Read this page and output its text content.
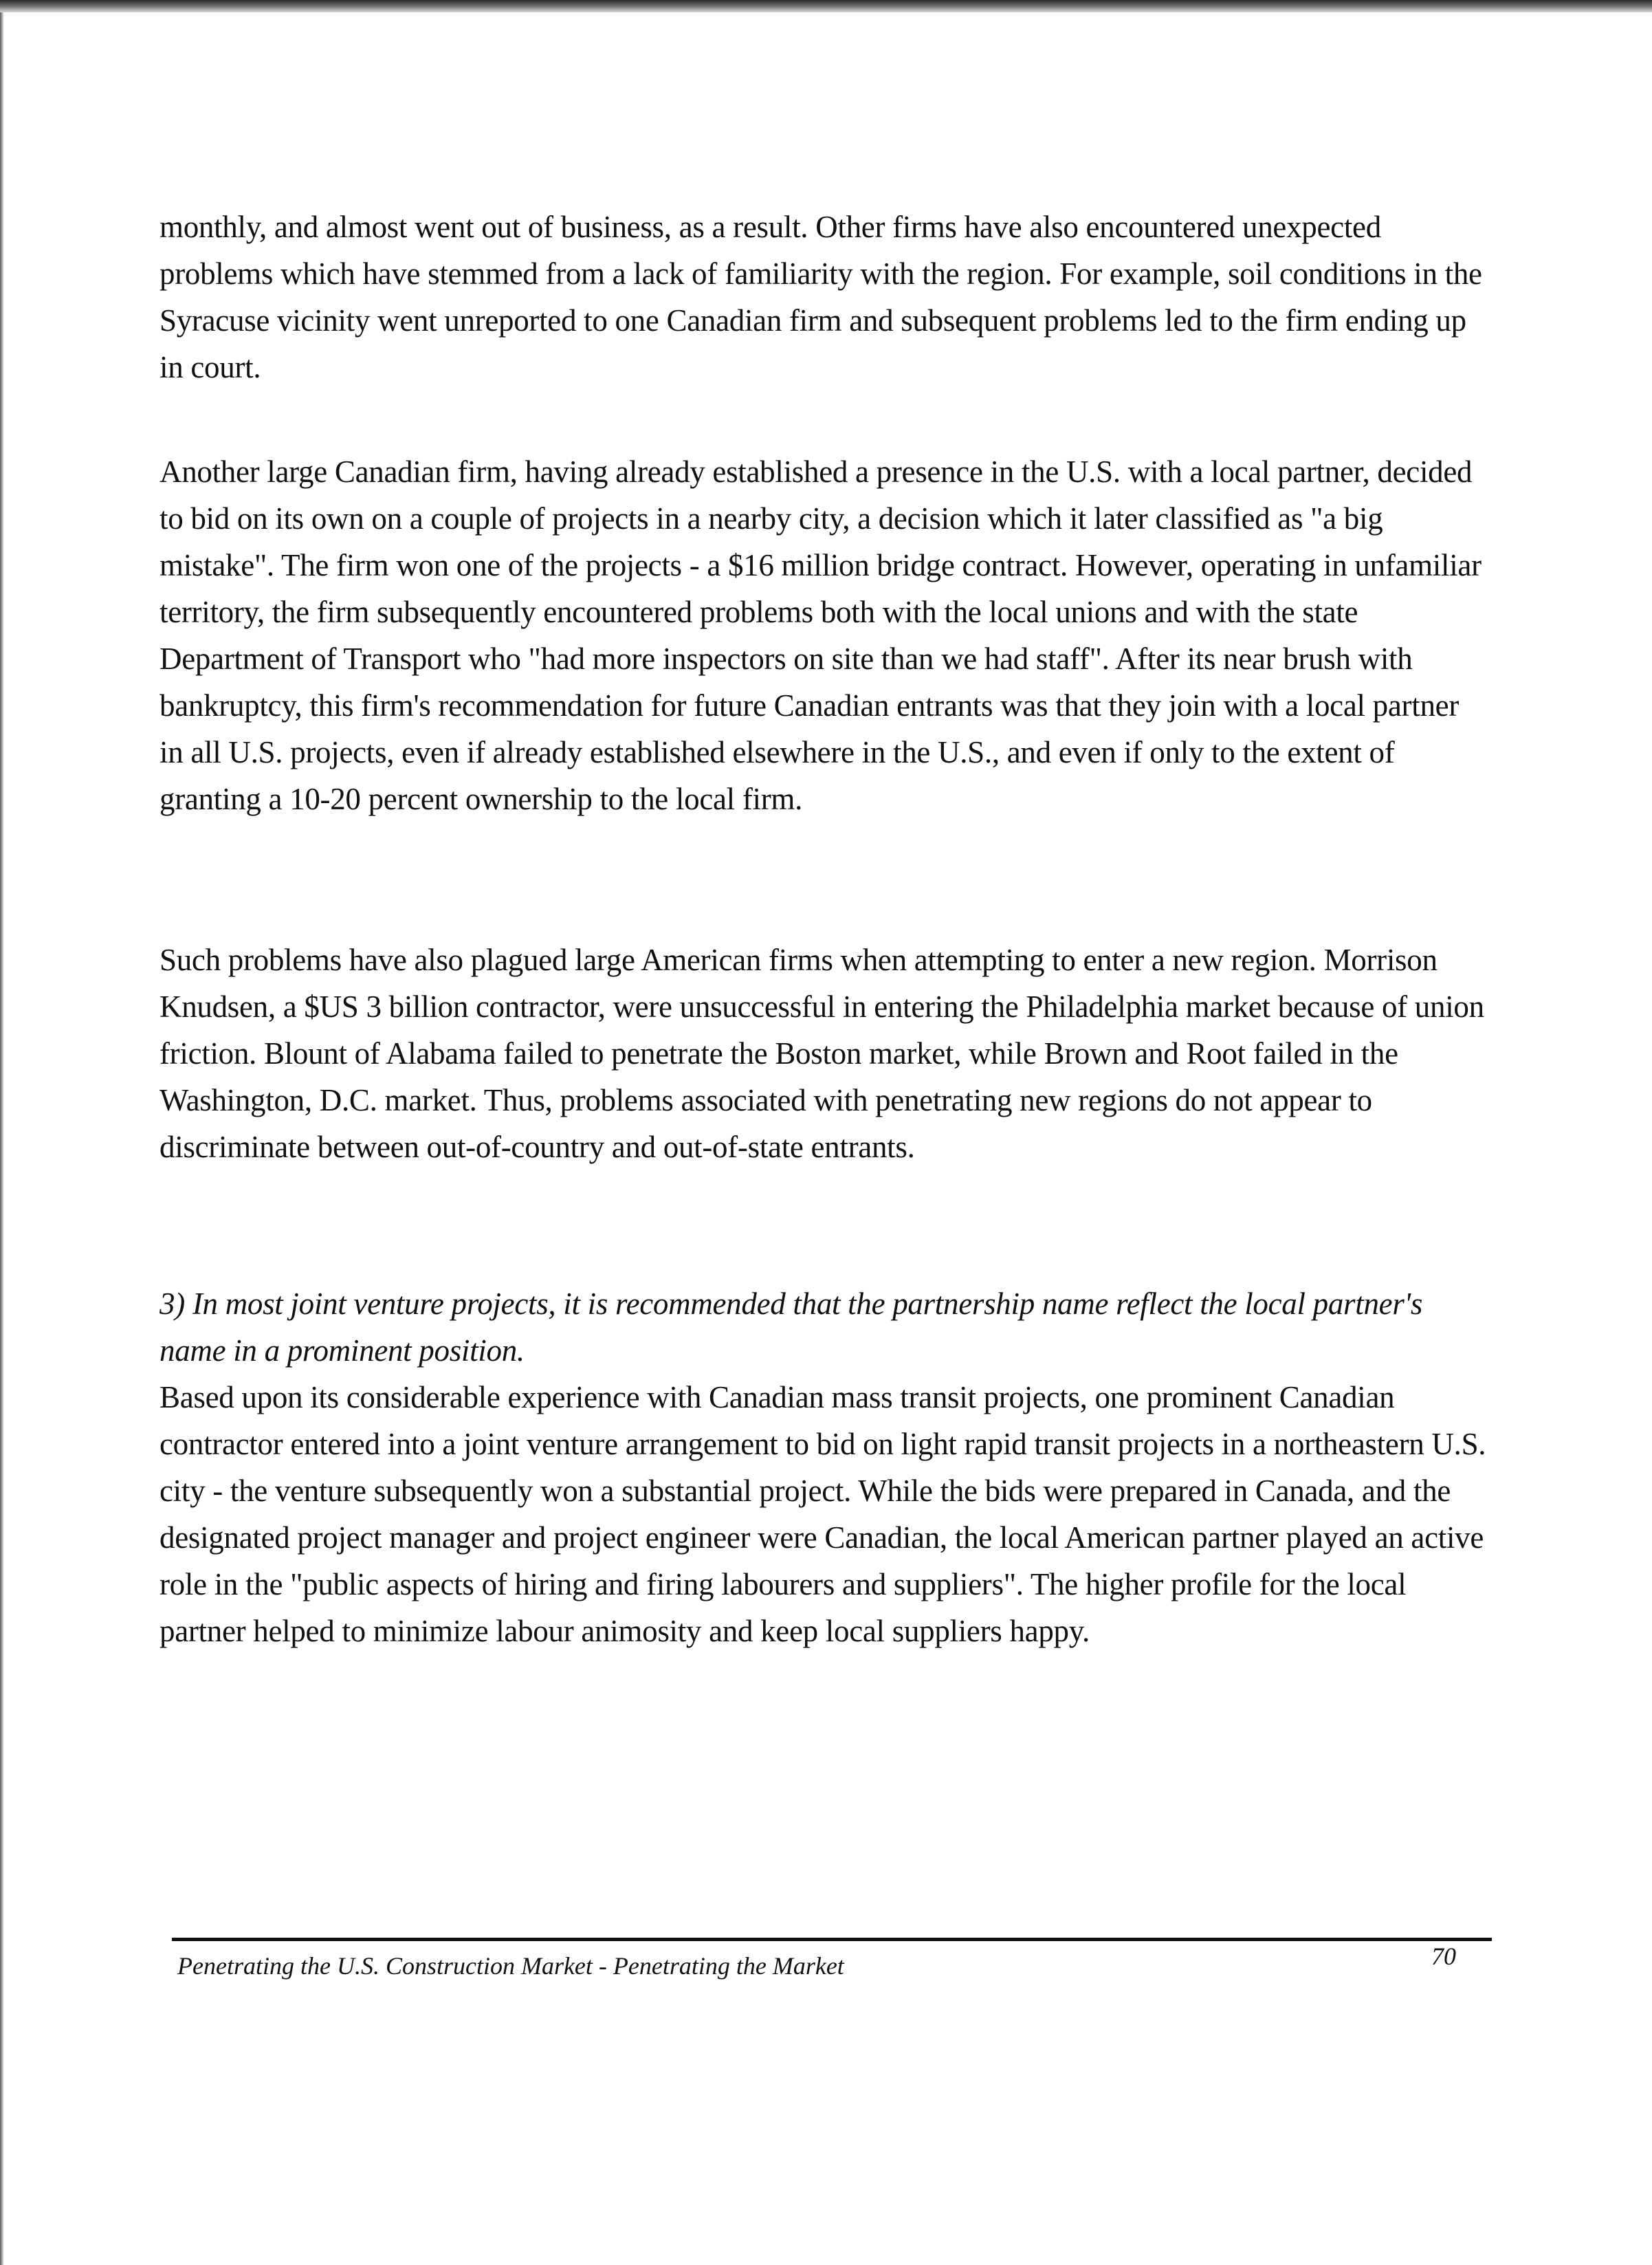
monthly, and almost went out of business, as a result. Other firms have also encountered unexpected problems which have stemmed from a lack of familiarity with the region. For example, soil conditions in the Syracuse vicinity went unreported to one Canadian firm and subsequent problems led to the firm ending up in court.

Another large Canadian firm, having already established a presence in the U.S. with a local partner, decided to bid on its own on a couple of projects in a nearby city, a decision which it later classified as "a big mistake". The firm won one of the projects - a $16 million bridge contract. However, operating in unfamiliar territory, the firm subsequently encountered problems both with the local unions and with the state Department of Transport who "had more inspectors on site than we had staff". After its near brush with bankruptcy, this firm's recommendation for future Canadian entrants was that they join with a local partner in all U.S. projects, even if already established elsewhere in the U.S., and even if only to the extent of granting a 10-20 percent ownership to the local firm.

Such problems have also plagued large American firms when attempting to enter a new region. Morrison Knudsen, a $US 3 billion contractor, were unsuccessful in entering the Philadelphia market because of union friction. Blount of Alabama failed to penetrate the Boston market, while Brown and Root failed in the Washington, D.C. market. Thus, problems associated with penetrating new regions do not appear to discriminate between out-of-country and out-of-state entrants.

3) In most joint venture projects, it is recommended that the partnership name reflect the local partner's name in a prominent position.

Based upon its considerable experience with Canadian mass transit projects, one prominent Canadian contractor entered into a joint venture arrangement to bid on light rapid transit projects in a northeastern U.S. city - the venture subsequently won a substantial project. While the bids were prepared in Canada, and the designated project manager and project engineer were Canadian, the local American partner played an active role in the "public aspects of hiring and firing labourers and suppliers". The higher profile for the local partner helped to minimize labour animosity and keep local suppliers happy.

Penetrating the U.S. Construction Market - Penetrating the Market	70
